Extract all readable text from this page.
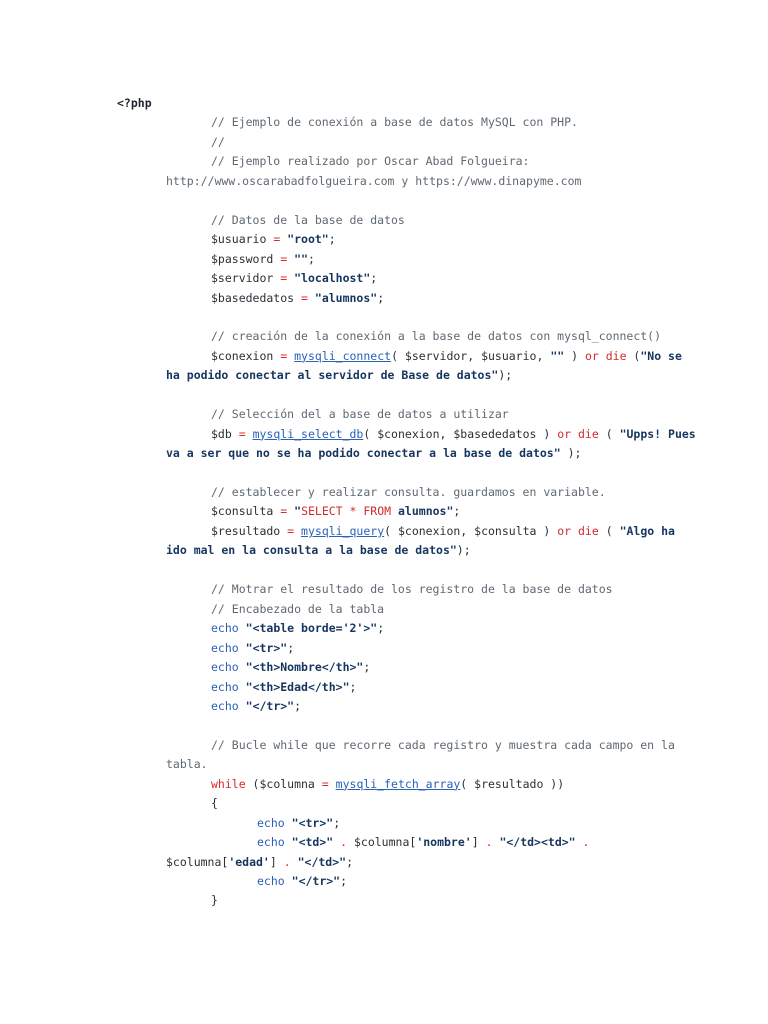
<?php
// Ejemplo de conexión a base de datos MySQL con PHP.
//
// Ejemplo realizado por Oscar Abad Folgueira:
http://www.oscarabadfolgueira.com y https://www.dinapyme.com
// Datos de la base de datos
$usuario = "root";
$password = "";
$servidor = "localhost";
$basededatos = "alumnos";
// creación de la conexión a la base de datos con mysql_connect()
$conexion = mysqli_connect( $servidor, $usuario, "" ) or die ("No se
ha podido conectar al servidor de Base de datos");
// Selección del a base de datos a utilizar
$db = mysqli_select_db( $conexion, $basededatos ) or die ( "Upps! Pues
va a ser que no se ha podido conectar a la base de datos" );
// establecer y realizar consulta. guardamos en variable.
$consulta = "SELECT * FROM alumnos";
$resultado = mysqli_query( $conexion, $consulta ) or die ( "Algo ha
ido mal en la consulta a la base de datos");
// Motrar el resultado de los registro de la base de datos
// Encabezado de la tabla
echo "<table borde='2'>";
echo "<tr>";
echo "<th>Nombre</th>";
echo "<th>Edad</th>";
echo "</tr>";
// Bucle while que recorre cada registro y muestra cada campo en la
tabla.
while ($columna = mysqli_fetch_array( $resultado ))
{
echo "<tr>";
echo "<td>" . $columna['nombre'] . "</td><td>" .
$columna['edad'] . "</td>";
echo "</tr>";
}
